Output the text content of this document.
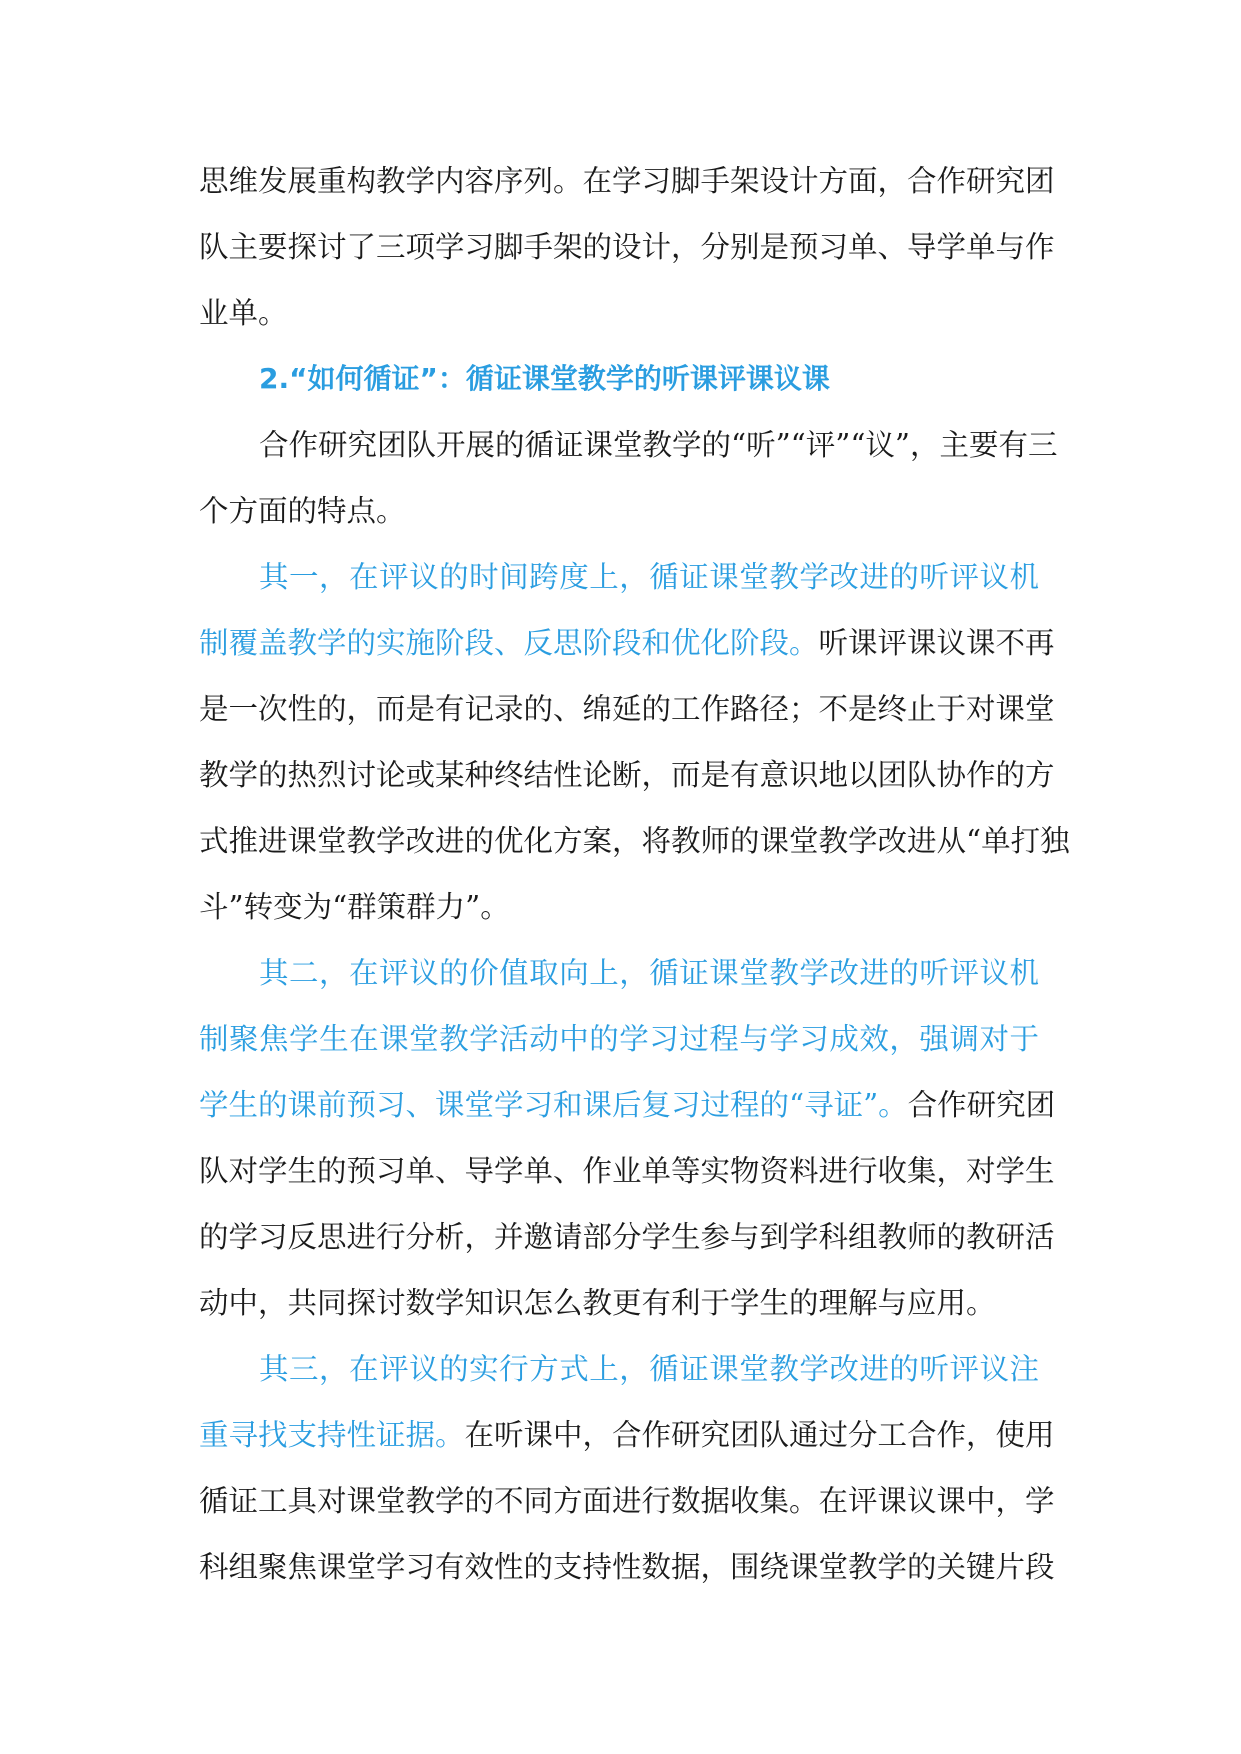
思维发展重构教学内容序列。在学习脚手架设计方面，合作研究团
队主要探讨了三项学习脚手架的设计，分别是预习单、导学单与作
业单。
2.“如何循证”：循证课堂教学的听课评课议课
合作研究团队开展的循证课堂教学的“听”“评”“议”，主要有三
个方面的特点。
其一，在评议的时间跨度上，循证课堂教学改进的听评议机
制覆盖教学的实施阶段、反思阶段和优化阶段。听课评课议课不再
是一次性的，而是有记录的、绵延的工作路径；不是终止于对课堂
教学的热烈讨论或某种终结性论断，而是有意识地以团队协作的方
式推进课堂教学改进的优化方案，将教师的课堂教学改进从“单打独
斗”转变为“群策群力”。
其二，在评议的价值取向上，循证课堂教学改进的听评议机
制聚焦学生在课堂教学活动中的学习过程与学习成效，强调对于
学生的课前预习、课堂学习和课后复习过程的“寻证”。合作研究团
队对学生的预习单、导学单、作业单等实物资料进行收集，对学生
的学习反思进行分析，并邀请部分学生参与到学科组教师的教研活
动中，共同探讨数学知识怎么教更有利于学生的理解与应用。
其三，在评议的实行方式上，循证课堂教学改进的听评议注
重寻找支持性证据。在听课中，合作研究团队通过分工合作，使用
循证工具对课堂教学的不同方面进行数据收集。在评课议课中，学
科组聚焦课堂学习有效性的支持性数据，围绕课堂教学的关键片段
